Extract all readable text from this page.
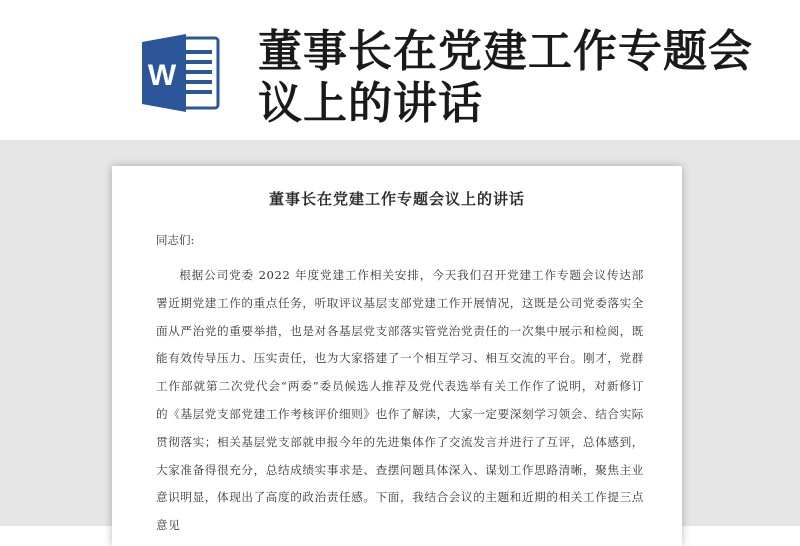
W 董事长在党建工作专题会议上的讲话
董事长在党建工作专题会议上的讲话
同志们:
根据公司党委 2022 年度党建工作相关安排，今天我们召开党建工作专题会议传达部署近期党建工作的重点任务，听取评议基层支部党建工作开展情况，这既是公司党委落实全面从严治党的重要举措，也是对各基层党支部落实管党治党责任的一次集中展示和检阅，既能有效传导压力、压实责任，也为大家搭建了一个相互学习、相互交流的平台。刚才，党群工作部就第二次党代会“两委”委员候选人推荐及党代表选举有关工作作了说明，对新修订的《基层党支部党建工作考核评价细则》也作了解读，大家一定要深刻学习领会、结合实际贯彻落实；相关基层党支部就申报今年的先进集体作了交流发言并进行了互评，总体感到，大家准备得很充分，总结成绩实事求是、查摆问题具体深入、谋划工作思路清晰，聚焦主业意识明显，体现出了高度的政治责任感。下面，我结合会议的主题和近期的相关工作提三点意见
